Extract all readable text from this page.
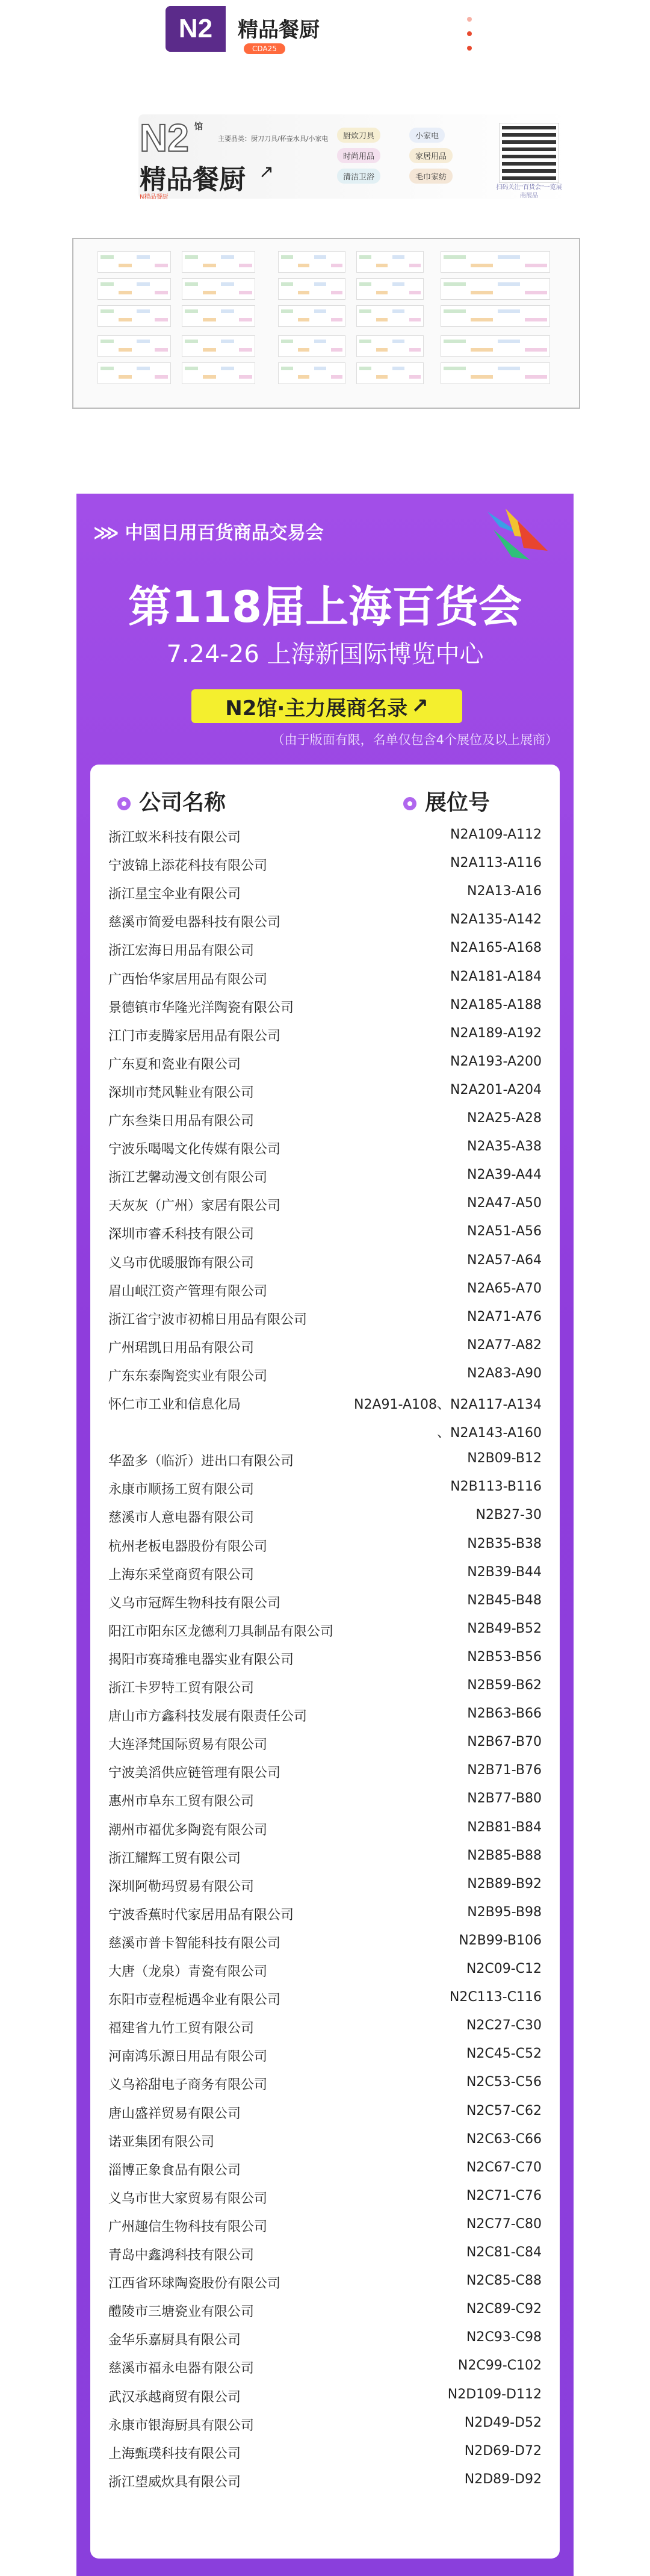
N2	精品餐厨
CDA25
N2 馆
主要品类：厨刀刀具/杯壶水具/小家电
精品餐厨 ↗
N精品餐厨
厨炊刀具	小家电
时尚用品	家居用品
清洁卫浴	毛巾家纺
扫码关注"百货会"一览展商展品
⋙ 中国日用百货商品交易会
第118届上海百货会
7.24-26 上海新国际博览中心
N2馆·主力展商名录 ↗
（由于版面有限，名单仅包含4个展位及以上展商）
公司名称	展位号
浙江蚁米科技有限公司	N2A109-A112
宁波锦上添花科技有限公司	N2A113-A116
浙江星宝伞业有限公司	N2A13-A16
慈溪市简爱电器科技有限公司	N2A135-A142
浙江宏海日用品有限公司	N2A165-A168
广西怡华家居用品有限公司	N2A181-A184
景德镇市华隆光洋陶瓷有限公司	N2A185-A188
江门市麦腾家居用品有限公司	N2A189-A192
广东夏和瓷业有限公司	N2A193-A200
深圳市梵风鞋业有限公司	N2A201-A204
广东叁柒日用品有限公司	N2A25-A28
宁波乐喝喝文化传媒有限公司	N2A35-A38
浙江艺馨动漫文创有限公司	N2A39-A44
天灰灰（广州）家居有限公司	N2A47-A50
深圳市睿禾科技有限公司	N2A51-A56
义乌市优暖服饰有限公司	N2A57-A64
眉山岷江资产管理有限公司	N2A65-A70
浙江省宁波市初棉日用品有限公司	N2A71-A76
广州珺凯日用品有限公司	N2A77-A82
广东东泰陶瓷实业有限公司	N2A83-A90
怀仁市工业和信息化局	N2A91-A108、N2A117-A134
、N2A143-A160
华盈多（临沂）进出口有限公司	N2B09-B12
永康市顺扬工贸有限公司	N2B113-B116
慈溪市人意电器有限公司	N2B27-30
杭州老板电器股份有限公司	N2B35-B38
上海东采堂商贸有限公司	N2B39-B44
义乌市冠辉生物科技有限公司	N2B45-B48
阳江市阳东区龙德利刀具制品有限公司	N2B49-B52
揭阳市赛琦雅电器实业有限公司	N2B53-B56
浙江卡罗特工贸有限公司	N2B59-B62
唐山市方鑫科技发展有限责任公司	N2B63-B66
大连泽梵国际贸易有限公司	N2B67-B70
宁波美滔供应链管理有限公司	N2B71-B76
惠州市阜东工贸有限公司	N2B77-B80
潮州市福优多陶瓷有限公司	N2B81-B84
浙江耀辉工贸有限公司	N2B85-B88
深圳阿勒玛贸易有限公司	N2B89-B92
宁波香蕉时代家居用品有限公司	N2B95-B98
慈溪市普卡智能科技有限公司	N2B99-B106
大唐（龙泉）青瓷有限公司	N2C09-C12
东阳市壹程栀遇伞业有限公司	N2C113-C116
福建省九竹工贸有限公司	N2C27-C30
河南鸿乐源日用品有限公司	N2C45-C52
义乌裕甜电子商务有限公司	N2C53-C56
唐山盛祥贸易有限公司	N2C57-C62
诺亚集团有限公司	N2C63-C66
淄博正象食品有限公司	N2C67-C70
义乌市世大家贸易有限公司	N2C71-C76
广州趣信生物科技有限公司	N2C77-C80
青岛中鑫鸿科技有限公司	N2C81-C84
江西省环球陶瓷股份有限公司	N2C85-C88
醴陵市三塘瓷业有限公司	N2C89-C92
金华乐嘉厨具有限公司	N2C93-C98
慈溪市福永电器有限公司	N2C99-C102
武汉承越商贸有限公司	N2D109-D112
永康市银海厨具有限公司	N2D49-D52
上海甄璞科技有限公司	N2D69-D72
浙江望威炊具有限公司	N2D89-D92
